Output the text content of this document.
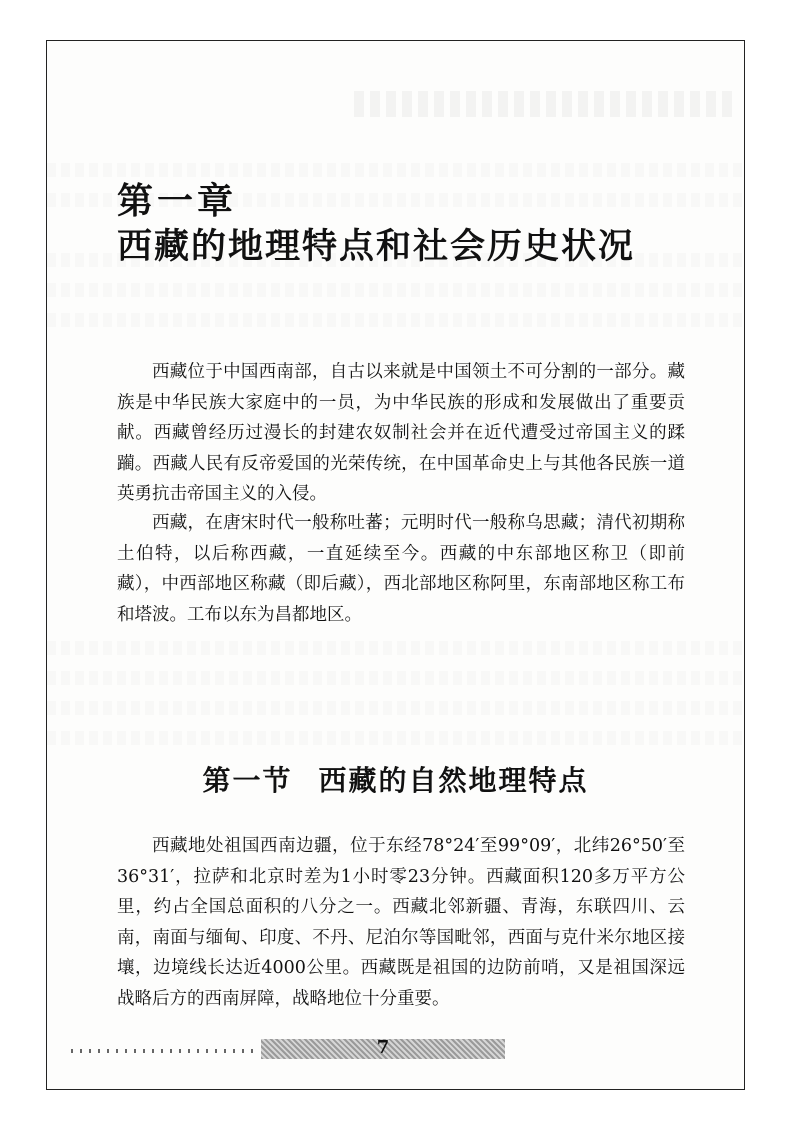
第一章
西藏的地理特点和社会历史状况

西藏位于中国西南部，自古以来就是中国领土不可分割的一部分。藏族是中华民族大家庭中的一员，为中华民族的形成和发展做出了重要贡献。西藏曾经历过漫长的封建农奴制社会并在近代遭受过帝国主义的蹂躏。西藏人民有反帝爱国的光荣传统，在中国革命史上与其他各民族一道英勇抗击帝国主义的入侵。

西藏，在唐宋时代一般称吐蕃；元明时代一般称乌思藏；清代初期称土伯特，以后称西藏，一直延续至今。西藏的中东部地区称卫（即前藏），中西部地区称藏（即后藏），西北部地区称阿里，东南部地区称工布和塔波。工布以东为昌都地区。

第一节 西藏的自然地理特点

西藏地处祖国西南边疆，位于东经78°24′至99°09′，北纬26°50′至36°31′，拉萨和北京时差为1小时零23分钟。西藏面积120多万平方公里，约占全国总面积的八分之一。西藏北邻新疆、青海，东联四川、云南，南面与缅甸、印度、不丹、尼泊尔等国毗邻，西面与克什米尔地区接壤，边境线长达近4000公里。西藏既是祖国的边防前哨，又是祖国深远战略后方的西南屏障，战略地位十分重要。

7
